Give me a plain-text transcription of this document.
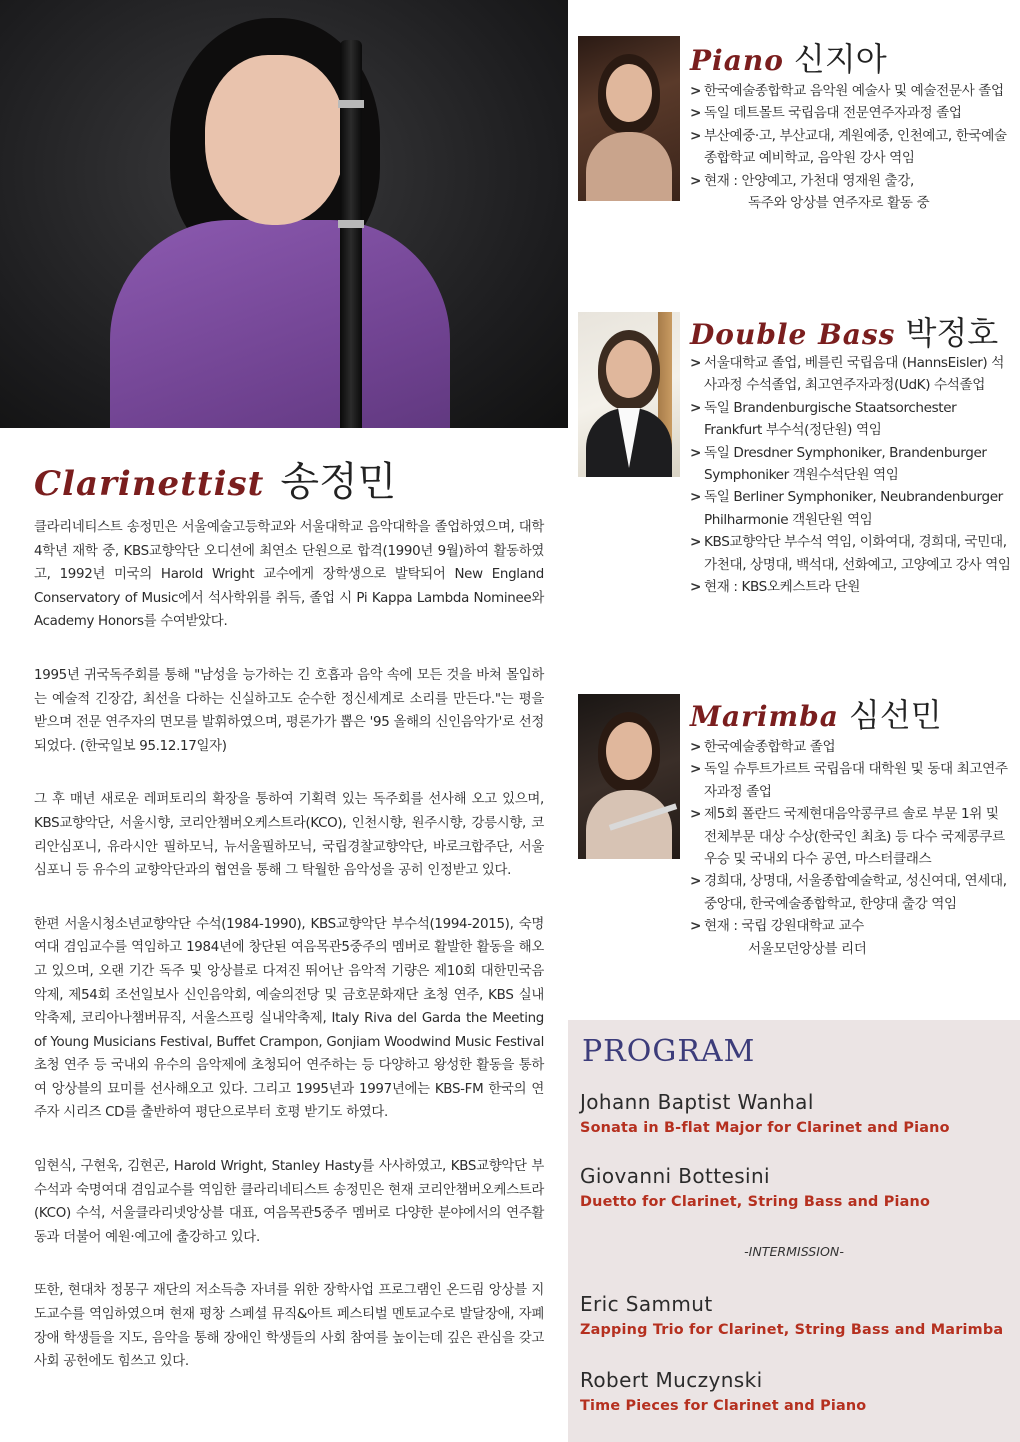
Clarinettist 송정민

클라리네티스트 송정민은 서울예술고등학교와 서울대학교 음악대학을 졸업하였으며, 대학 4학년 재학 중, KBS교향악단 오디션에 최연소 단원으로 합격(1990년 9월)하여 활동하였고, 1992년 미국의 Harold Wright 교수에게 장학생으로 발탁되어 New England Conservatory of Music에서 석사학위를 취득, 졸업 시 Pi Kappa Lambda Nominee와 Academy Honors를 수여받았다.

1995년 귀국독주회를 통해 "남성을 능가하는 긴 호흡과 음악 속에 모든 것을 바쳐 몰입하는 예술적 긴장감, 최선을 다하는 신실하고도 순수한 정신세계로 소리를 만든다."는 평을 받으며 전문 연주자의 면모를 발휘하였으며, 평론가가 뽑은 '95 올해의 신인음악가'로 선정되었다. (한국일보 95.12.17일자)

그 후 매년 새로운 레퍼토리의 확장을 통하여 기획력 있는 독주회를 선사해 오고 있으며, KBS교향악단, 서울시향, 코리안챔버오케스트라(KCO), 인천시향, 원주시향, 강릉시향, 코리안심포니, 유라시안 필하모닉, 뉴서울필하모닉, 국립경찰교향악단, 바로크합주단, 서울심포니 등 유수의 교향악단과의 협연을 통해 그 탁월한 음악성을 공히 인정받고 있다.

한편 서울시청소년교향악단 수석(1984-1990), KBS교향악단 부수석(1994-2015), 숙명여대 겸임교수를 역임하고 1984년에 창단된 여음목관5중주의 멤버로 활발한 활동을 해오고 있으며, 오랜 기간 독주 및 앙상블로 다져진 뛰어난 음악적 기량은 제10회 대한민국음악제, 제54회 조선일보사 신인음악회, 예술의전당 및 금호문화재단 초청 연주, KBS 실내악축제, 코리아나챔버뮤직, 서울스프링 실내악축제, Italy Riva del Garda the Meeting of Young Musicians Festival, Buffet Crampon, Gonjiam Woodwind Music Festival 초청 연주 등 국내외 유수의 음악제에 초청되어 연주하는 등 다양하고 왕성한 활동을 통하여 앙상블의 묘미를 선사해오고 있다. 그리고 1995년과 1997년에는 KBS-FM 한국의 연주자 시리즈 CD를 출반하여 평단으로부터 호평 받기도 하였다.

임현식, 구현욱, 김현곤, Harold Wright, Stanley Hasty를 사사하였고, KBS교향악단 부수석과 숙명여대 겸임교수를 역임한 클라리네티스트 송정민은 현재 코리안챔버오케스트라(KCO) 수석, 서울클라리넷앙상블 대표, 여음목관5중주 멤버로 다양한 분야에서의 연주활동과 더불어 예원·예고에 출강하고 있다.

또한, 현대차 정몽구 재단의 저소득층 자녀를 위한 장학사업 프로그램인 온드림 앙상블 지도교수를 역임하였으며 현재 평창 스페셜 뮤직&아트 페스티벌 멘토교수로 발달장애, 자폐장애 학생들을 지도, 음악을 통해 장애인 학생들의 사회 참여를 높이는데 깊은 관심을 갖고 사회 공헌에도 힘쓰고 있다.

Piano 신지아
> 한국예술종합학교 음악원 예술사 및 예술전문사 졸업
> 독일 데트몰트 국립음대 전문연주자과정 졸업
> 부산예중·고, 부산교대, 계원예중, 인천예고, 한국예술종합학교 예비학교, 음악원 강사 역임
> 현재 : 안양예고, 가천대 영재원 출강,
독주와 앙상블 연주자로 활동 중
Double Bass 박정호
> 서울대학교 졸업, 베를린 국립음대 (HannsEisler) 석사과정 수석졸업, 최고연주자과정(UdK) 수석졸업
> 독일 Brandenburgische Staatsorchester Frankfurt 부수석(정단원) 역임
> 독일 Dresdner Symphoniker, Brandenburger Symphoniker 객원수석단원 역임
> 독일 Berliner Symphoniker, Neubrandenburger Philharmonie 객원단원 역임
> KBS교향악단 부수석 역임, 이화여대, 경희대, 국민대, 가천대, 상명대, 백석대, 선화예고, 고양예고 강사 역임
> 현재 : KBS오케스트라 단원
Marimba 심선민
> 한국예술종합학교 졸업
> 독일 슈투트가르트 국립음대 대학원 및 동대 최고연주자과정 졸업
> 제5회 폴란드 국제현대음악콩쿠르 솔로 부문 1위 및 전체부문 대상 수상(한국인 최초) 등 다수 국제콩쿠르 우승 및 국내외 다수 공연, 마스터클래스
> 경희대, 상명대, 서울종합예술학교, 성신여대, 연세대, 중앙대, 한국예술종합학교, 한양대 출강 역임
> 현재 : 국립 강원대학교 교수
서울모던앙상블 리더
PROGRAM
Johann Baptist Wanhal
Sonata in B-flat Major for Clarinet and Piano
Giovanni Bottesini
Duetto for Clarinet, String Bass and Piano
-INTERMISSION-
Eric Sammut
Zapping Trio for Clarinet, String Bass and Marimba
Robert Muczynski
Time Pieces for Clarinet and Piano
